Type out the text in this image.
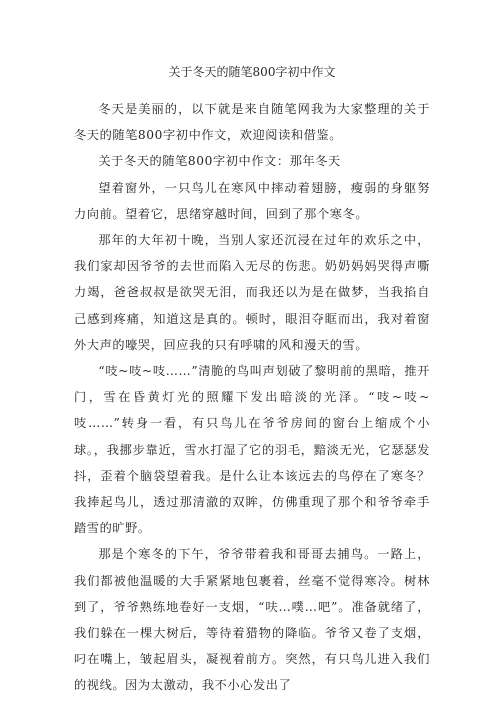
关于冬天的随笔800字初中作文

冬天是美丽的，以下就是来自随笔网我为大家整理的关于冬天的随笔800字初中作文，欢迎阅读和借鉴。

关于冬天的随笔800字初中作文：那年冬天

望着窗外，一只鸟儿在寒风中摔动着翅膀，瘦弱的身躯努力向前。望着它，思绪穿越时间，回到了那个寒冬。

那年的大年初十晚，当别人家还沉浸在过年的欢乐之中，我们家却因爷爷的去世而陷入无尽的伤悲。奶奶妈妈哭得声嘶力竭，爸爸叔叔是欲哭无泪，而我还以为是在做梦，当我掐自己感到疼痛，知道这是真的。顿时，眼泪夺眶而出，我对着窗外大声的嚎哭，回应我的只有呼啸的风和漫天的雪。

“吱~吱~吱……”清脆的鸟叫声划破了黎明前的黑暗，推开门，雪在昏黄灯光的照耀下发出暗淡的光泽。“吱~吱~吱……”转身一看，有只鸟儿在爷爷房间的窗台上缩成个小球。，我挪步靠近，雪水打湿了它的羽毛，黯淡无光，它瑟瑟发抖，歪着个脑袋望着我。是什么让本该远去的鸟停在了寒冬？我捧起鸟儿，透过那清澈的双眸，仿佛重现了那个和爷爷牵手踏雪的旷野。

那是个寒冬的下午，爷爷带着我和哥哥去捕鸟。一路上，我们都被他温暖的大手紧紧地包裹着，丝毫不觉得寒冷。树林到了，爷爷熟练地卷好一支烟，“呋…噗…吧”。准备就绪了，我们躲在一棵大树后，等待着猎物的降临。爷爷又卷了支烟，叼在嘴上，皱起眉头，凝视着前方。突然，有只鸟儿进入我们的视线。因为太激动，我不小心发出了
